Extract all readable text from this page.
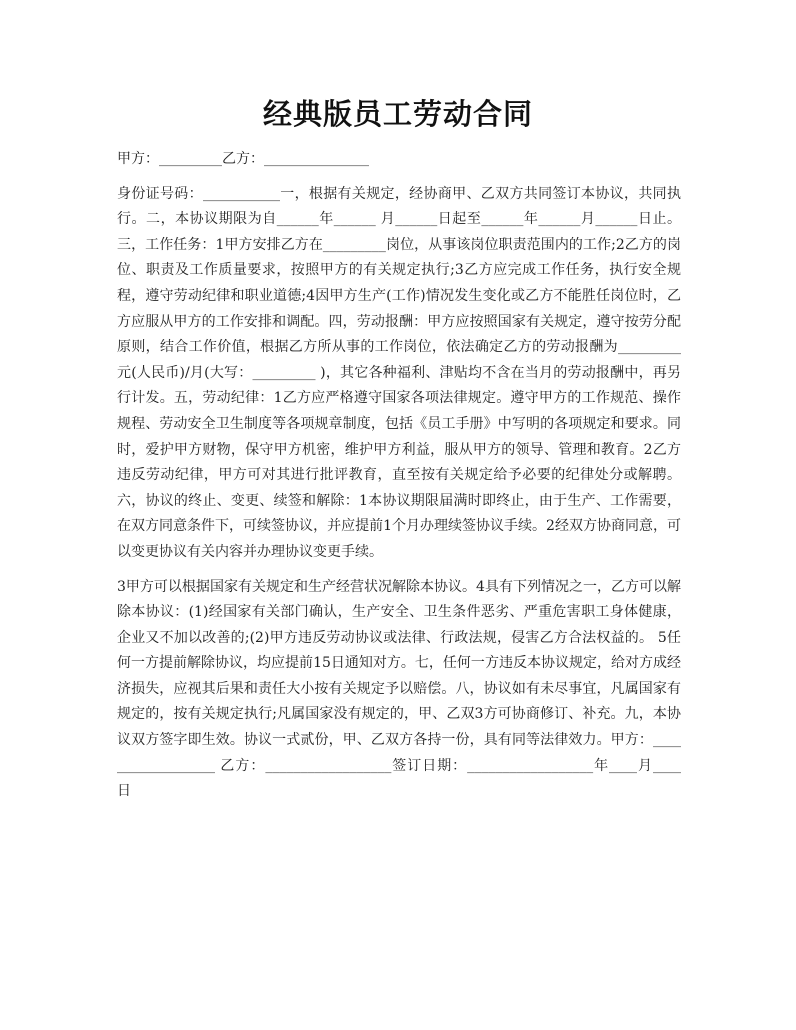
经典版员工劳动合同

甲方：_________乙方：_______________

身份证号码：___________一，根据有关规定，经协商甲、乙双方共同签订本协议，共同执行。二，本协议期限为自______年______ 月______日起至______年______月______日止。三，工作任务：1甲方安排乙方在_________岗位，从事该岗位职责范围内的工作;2乙方的岗位、职责及工作质量要求，按照甲方的有关规定执行;3乙方应完成工作任务，执行安全规程，遵守劳动纪律和职业道德;4因甲方生产(工作)情况发生变化或乙方不能胜任岗位时，乙方应服从甲方的工作安排和调配。四，劳动报酬：甲方应按照国家有关规定，遵守按劳分配原则，结合工作价值，根据乙方所从事的工作岗位，依法确定乙方的劳动报酬为_________元(人民币)/月(大写：_________ )，其它各种福利、津贴均不含在当月的劳动报酬中，再另行计发。五，劳动纪律：1乙方应严格遵守国家各项法律规定。遵守甲方的工作规范、操作规程、劳动安全卫生制度等各项规章制度，包括《员工手册》中写明的各项规定和要求。同时，爱护甲方财物，保守甲方机密，维护甲方利益，服从甲方的领导、管理和教育。2乙方违反劳动纪律，甲方可对其进行批评教育，直至按有关规定给予必要的纪律处分或解聘。六，协议的终止、变更、续签和解除：1本协议期限届满时即终止，由于生产、工作需要，在双方同意条件下，可续签协议，并应提前1个月办理续签协议手续。2经双方协商同意，可以变更协议有关内容并办理协议变更手续。

3甲方可以根据国家有关规定和生产经营状况解除本协议。4具有下列情况之一，乙方可以解除本协议：(1)经国家有关部门确认，生产安全、卫生条件恶劣、严重危害职工身体健康，企业又不加以改善的;(2)甲方违反劳动协议或法律、行政法规，侵害乙方合法权益的。 5任何一方提前解除协议，均应提前15日通知对方。七，任何一方违反本协议规定，给对方成经济损失，应视其后果和责任大小按有关规定予以赔偿。八，协议如有未尽事宜，凡属国家有规定的，按有关规定执行;凡属国家没有规定的，甲、乙双3方可协商修订、补充。九，本协议双方签字即生效。协议一式贰份，甲、乙双方各持一份，具有同等法律效力。甲方：__________________ 乙方：__________________签订日期：__________________年____月____日
